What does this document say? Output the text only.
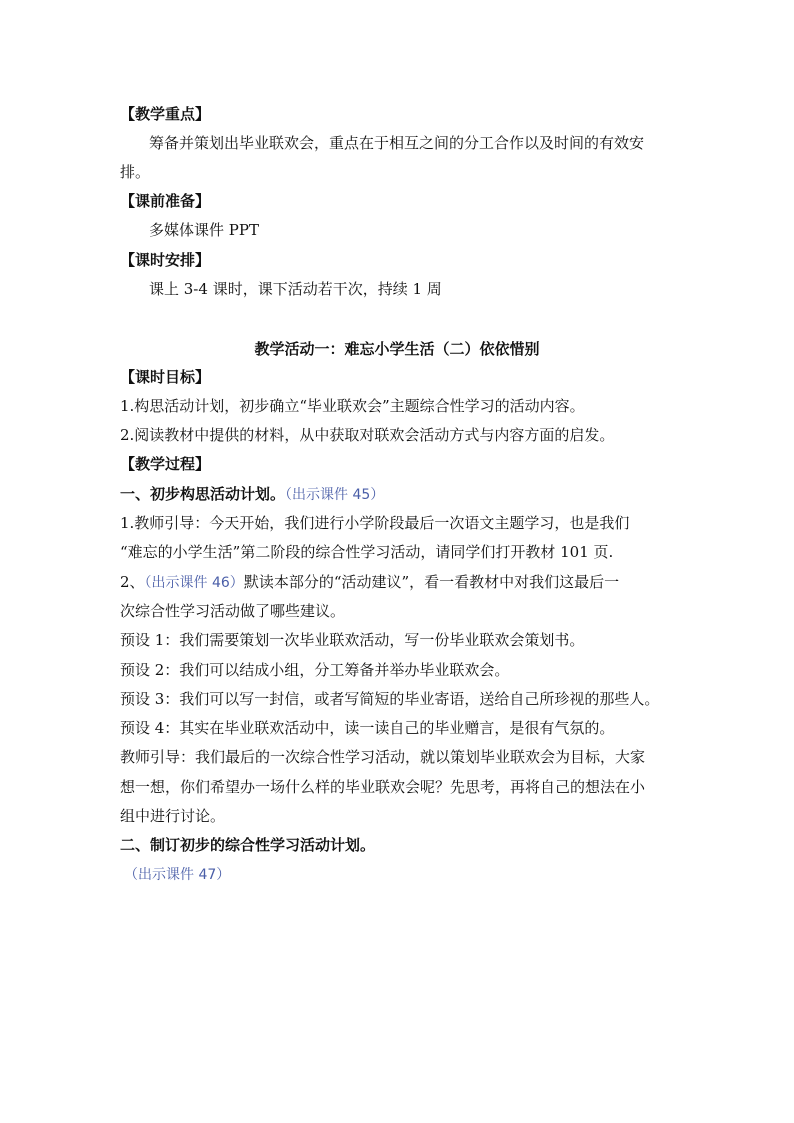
【教学重点】
筹备并策划出毕业联欢会，重点在于相互之间的分工合作以及时间的有效安
排。
【课前准备】
多媒体课件 PPT
【课时安排】
课上 3-4 课时，课下活动若干次，持续 1 周
教学活动一：难忘小学生活（二）依依惜别
【课时目标】
1.构思活动计划，初步确立“毕业联欢会”主题综合性学习的活动内容。
2.阅读教材中提供的材料，从中获取对联欢会活动方式与内容方面的启发。
【教学过程】
一、初步构思活动计划。（出示课件 45）
1.教师引导：今天开始，我们进行小学阶段最后一次语文主题学习，也是我们
“难忘的小学生活”第二阶段的综合性学习活动，请同学们打开教材 101 页.
2、（出示课件 46）默读本部分的“活动建议”，看一看教材中对我们这最后一
次综合性学习活动做了哪些建议。
预设 1：我们需要策划一次毕业联欢活动，写一份毕业联欢会策划书。
预设 2：我们可以结成小组，分工筹备并举办毕业联欢会。
预设 3：我们可以写一封信，或者写简短的毕业寄语，送给自己所珍视的那些人。
预设 4：其实在毕业联欢活动中，读一读自己的毕业赠言，是很有气氛的。
教师引导：我们最后的一次综合性学习活动，就以策划毕业联欢会为目标，大家
想一想，你们希望办一场什么样的毕业联欢会呢？先思考，再将自己的想法在小
组中进行讨论。
二、制订初步的综合性学习活动计划。
（出示课件 47）
